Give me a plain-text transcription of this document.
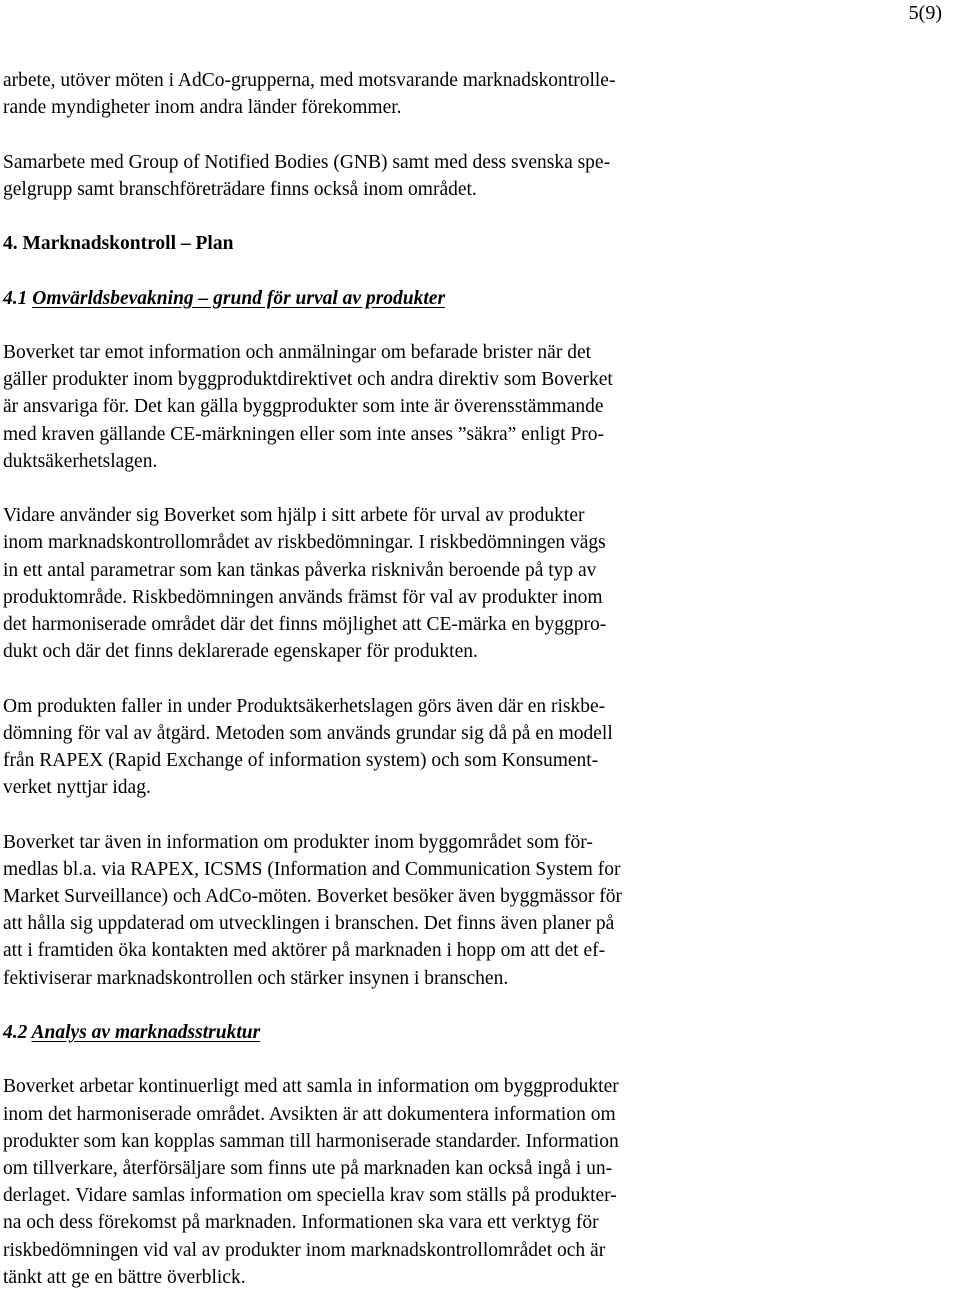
5(9)

arbete, utöver möten i AdCo-grupperna, med motsvarande marknadskontrolle-
rande myndigheter inom andra länder förekommer.

Samarbete med Group of Notified Bodies (GNB) samt med dess svenska spe-
gelgrupp samt branschföreträdare finns också inom området.

4. Marknadskontroll – Plan

4.1 Omvärldsbevakning – grund för urval av produkter

Boverket tar emot information och anmälningar om befarade brister när det
gäller produkter inom byggproduktdirektivet och andra direktiv som Boverket
är ansvariga för. Det kan gälla byggprodukter som inte är överensstämmande
med kraven gällande CE-märkningen eller som inte anses ”säkra” enligt Pro-
duktsäkerhetslagen.

Vidare använder sig Boverket som hjälp i sitt arbete för urval av produkter
inom marknadskontrollområdet av riskbedömningar. I riskbedömningen vägs
in ett antal parametrar som kan tänkas påverka risknivån beroende på typ av
produktområde. Riskbedömningen används främst för val av produkter inom
det harmoniserade området där det finns möjlighet att CE-märka en byggpro-
dukt och där det finns deklarerade egenskaper för produkten.

Om produkten faller in under Produktsäkerhetslagen görs även där en riskbe-
dömning för val av åtgärd. Metoden som används grundar sig då på en modell
från RAPEX (Rapid Exchange of information system) och som Konsument-
verket nyttjar idag.

Boverket tar även in information om produkter inom byggområdet som för-
medlas bl.a. via RAPEX, ICSMS (Information and Communication System for
Market Surveillance) och AdCo-möten. Boverket besöker även byggmässor för
att hålla sig uppdaterad om utvecklingen i branschen. Det finns även planer på
att i framtiden öka kontakten med aktörer på marknaden i hopp om att det ef-
fektiviserar marknadskontrollen och stärker insynen i branschen.

4.2 Analys av marknadsstruktur

Boverket arbetar kontinuerligt med att samla in information om byggprodukter
inom det harmoniserade området. Avsikten är att dokumentera information om
produkter som kan kopplas samman till harmoniserade standarder. Information
om tillverkare, återförsäljare som finns ute på marknaden kan också ingå i un-
derlaget. Vidare samlas information om speciella krav som ställs på produkter-
na och dess förekomst på marknaden. Informationen ska vara ett verktyg för
riskbedömningen vid val av produkter inom marknadskontrollområdet och är
tänkt att ge en bättre överblick.
